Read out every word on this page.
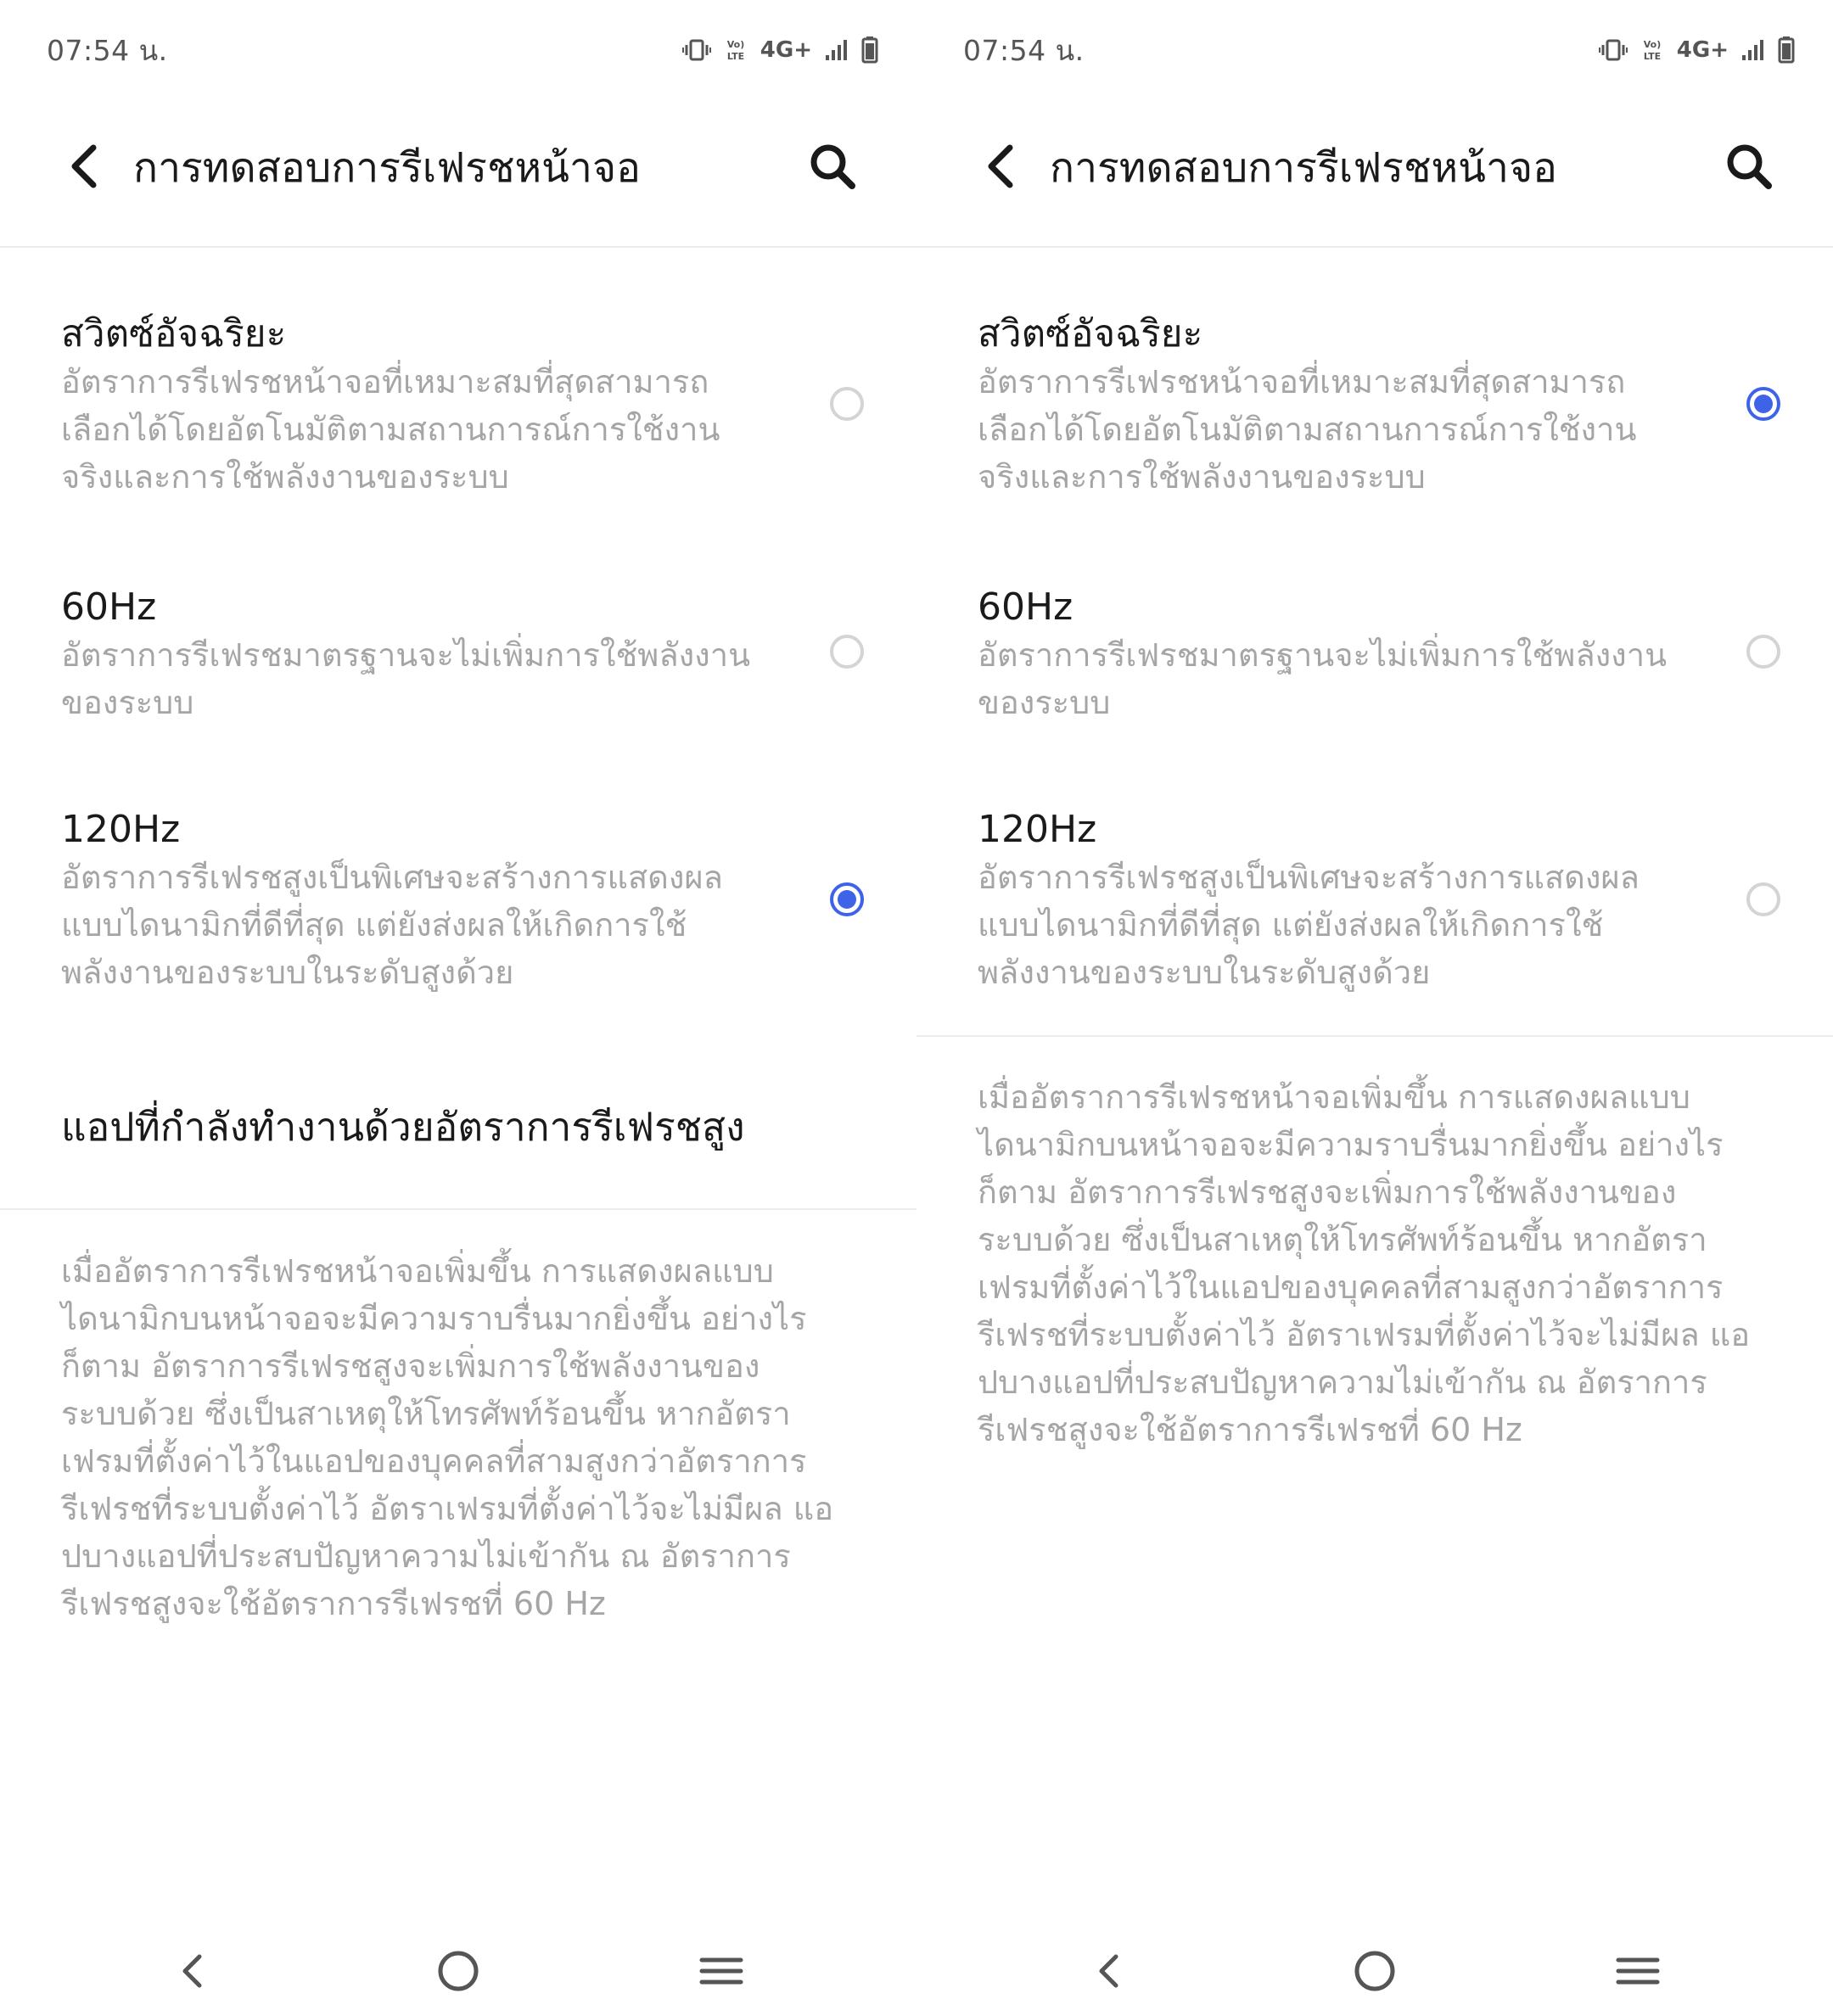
07:54 น.	Vo)
LTE 4G+
การทดสอบการรีเฟรชหน้าจอ
สวิตซ์อัจฉริยะ
อัตราการรีเฟรชหน้าจอที่เหมาะสมที่สุดสามารถ
เลือกได้โดยอัตโนมัติตามสถานการณ์การใช้งาน
จริงและการใช้พลังงานของระบบ
60Hz
อัตราการรีเฟรชมาตรฐานจะไม่เพิ่มการใช้พลังงาน
ของระบบ
120Hz
อัตราการรีเฟรชสูงเป็นพิเศษจะสร้างการแสดงผล
แบบไดนามิกที่ดีที่สุด แต่ยังส่งผลให้เกิดการใช้
พลังงานของระบบในระดับสูงด้วย
แอปที่กำลังทำงานด้วยอัตราการรีเฟรชสูง
เมื่ออัตราการรีเฟรชหน้าจอเพิ่มขึ้น การแสดงผลแบบ
ไดนามิกบนหน้าจอจะมีความราบรื่นมากยิ่งขึ้น อย่างไร
ก็ตาม อัตราการรีเฟรชสูงจะเพิ่มการใช้พลังงานของ
ระบบด้วย ซึ่งเป็นสาเหตุให้โทรศัพท์ร้อนขึ้น หากอัตรา
เฟรมที่ตั้งค่าไว้ในแอปของบุคคลที่สามสูงกว่าอัตราการ
รีเฟรชที่ระบบตั้งค่าไว้ อัตราเฟรมที่ตั้งค่าไว้จะไม่มีผล แอ
ปบางแอปที่ประสบปัญหาความไม่เข้ากัน ณ อัตราการ
รีเฟรชสูงจะใช้อัตราการรีเฟรชที่ 60 Hz
07:54 น.	Vo)
LTE 4G+
การทดสอบการรีเฟรชหน้าจอ
สวิตซ์อัจฉริยะ
อัตราการรีเฟรชหน้าจอที่เหมาะสมที่สุดสามารถ
เลือกได้โดยอัตโนมัติตามสถานการณ์การใช้งาน
จริงและการใช้พลังงานของระบบ
60Hz
อัตราการรีเฟรชมาตรฐานจะไม่เพิ่มการใช้พลังงาน
ของระบบ
120Hz
อัตราการรีเฟรชสูงเป็นพิเศษจะสร้างการแสดงผล
แบบไดนามิกที่ดีที่สุด แต่ยังส่งผลให้เกิดการใช้
พลังงานของระบบในระดับสูงด้วย
เมื่ออัตราการรีเฟรชหน้าจอเพิ่มขึ้น การแสดงผลแบบ
ไดนามิกบนหน้าจอจะมีความราบรื่นมากยิ่งขึ้น อย่างไร
ก็ตาม อัตราการรีเฟรชสูงจะเพิ่มการใช้พลังงานของ
ระบบด้วย ซึ่งเป็นสาเหตุให้โทรศัพท์ร้อนขึ้น หากอัตรา
เฟรมที่ตั้งค่าไว้ในแอปของบุคคลที่สามสูงกว่าอัตราการ
รีเฟรชที่ระบบตั้งค่าไว้ อัตราเฟรมที่ตั้งค่าไว้จะไม่มีผล แอ
ปบางแอปที่ประสบปัญหาความไม่เข้ากัน ณ อัตราการ
รีเฟรชสูงจะใช้อัตราการรีเฟรชที่ 60 Hz
